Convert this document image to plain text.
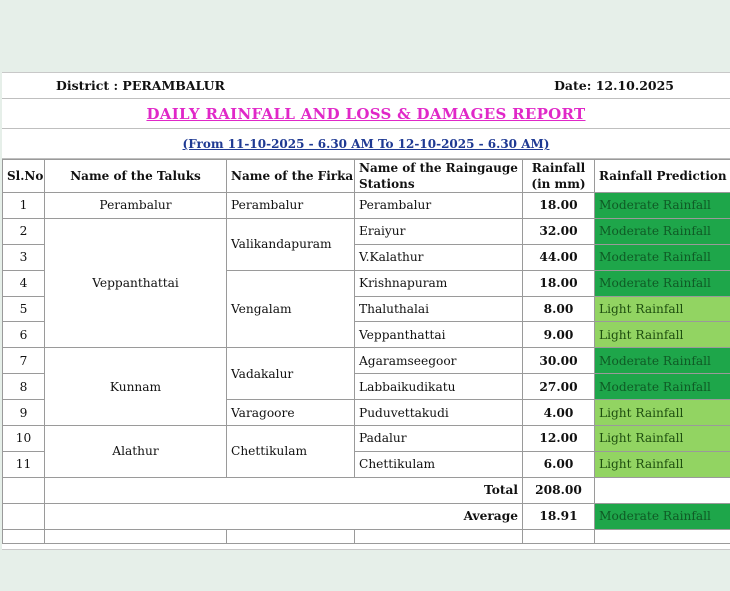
District : PERAMBALUR	Date: 12.10.2025
DAILY RAINFALL AND LOSS & DAMAGES REPORT
(From 11-10-2025 - 6.30 AM To 12-10-2025 - 6.30 AM)
Sl.No	Name of the Taluks	Name of the Firka	Name of the Raingauge Stations	Rainfall (in mm)	Rainfall Prediction
1	Perambalur	Perambalur	Perambalur	18.00	Moderate Rainfall
2	Veppanthattai	Valikandapuram	Eraiyur	32.00	Moderate Rainfall
3			V.Kalathur	44.00	Moderate Rainfall
4		Vengalam	Krishnapuram	18.00	Moderate Rainfall
5			Thaluthalai	8.00	Light Rainfall
6			Veppanthattai	9.00	Light Rainfall
7	Kunnam	Vadakalur	Agaramseegoor	30.00	Moderate Rainfall
8			Labbaikudikatu	27.00	Moderate Rainfall
9		Varagoore	Puduvettakudi	4.00	Light Rainfall
10	Alathur	Chettikulam	Padalur	12.00	Light Rainfall
11			Chettikulam	6.00	Light Rainfall
	Total			208.00	
	Average			18.91	Moderate Rainfall
